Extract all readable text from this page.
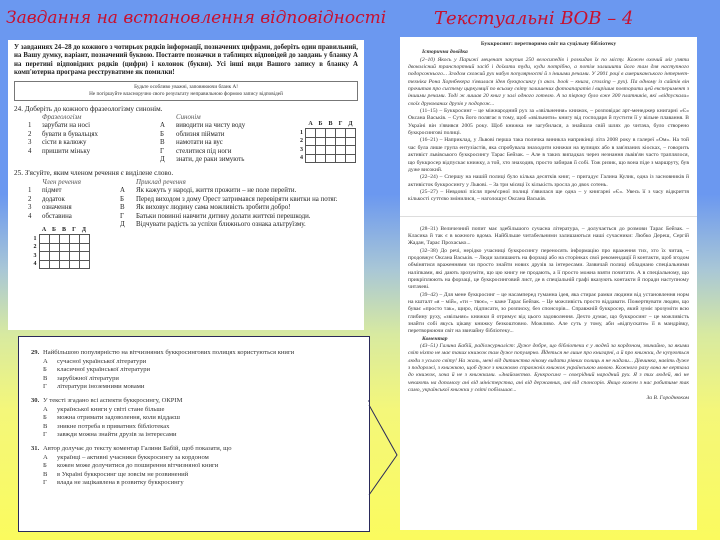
Завдання на встановлення відповідності	Текстуальні ВОВ – 4
У завданнях 24–28 до кожного з чотирьох рядків інформації, позначених цифрами, доберіть один правильний, на Вашу думку, варіант, позначений буквою. Поставте позначки в таблицях відповідей до завдань у бланку А на перетині відповідних рядків (цифри) і колонок (букви). Усі інші види Вашого запису в бланку А комп'ютерна програма реєструватиме як помилки!
Будьте особливо уважні, заповнюючи бланк А!
Не погіршуйте власноручно свого результату неправильною формою запису відповідей
24. Доберіть до кожного фразеологізму синонім.
Фразеологізм
1	зарубати на носі
2	бувати в бувальцях
3	сісти в калюжу
4	пришити міньку
Синонім
А	виводити на чисту воду
Б	облизня піймати
В	намотати на вус
Г	стелитися під ноги
Д	знати, де раки зимують
	А	Б	В	Г	Д
1					
2					
3					
4					
25. З'ясуйте, яким членом речення є виділене слово.
Член речення
1	підмет
2	додаток
3	означення
4	обставина
	А	Б	В	Г	Д
1					
2					
3					
4					
Приклад речення
А	Як кажуть у народі, життя прожити – не поле перейти.
Б	Перед виходом з дому Орест затримався перевіряти квитки на потяг.
В	Як виховує людину сама можливість зробити добро!
Г	Батьки повинні навчити дитину долати життєві перешкоди.
Д	Відчувати радість за успіхи ближнього ознака альтруїзму.
29. Найбільшою популярністю на вітчизняних буккросингових полицях користуються книги
А	сучасної української літератури
Б	класичної української літератури
В	зарубіжної літератури
Г	літератури іноземними мовами
30. У тексті згадано всі аспекти буккросингу, ОКРІМ
А	української книги у світі стане більше
Б	можна отримати задоволення, коли віддаєш
В	зникне потреба в приватних бібліотеках
Г	завжди можна знайти друзів за інтересами
31. Автор долучає до тексту коментар Галини Бабій, щоб показати, що
А	українці – активні учасники буккросингу за кордоном
Б	кожен може долучитися до поширення вітчизняної книги
В	в Україні буккросинг ще зовсім не розвинений
Г	влада не зацікавлена в розвитку буккросингу
Буккросинг: перетворимо світ на суцільну бібліотеку
Історична довідка

(2–10) Якось у Парижі меценат закупив 250 велосипедів і розкидав їх по місту. Кожен охочий міг узяти двоколісний транспортний засіб і доїхати туди, куди потрібно, а потім залишити його там для наступного подорожнього... Згодом схожий рух набув популярності й з іншими речами. У 2001 році в американського інтернет-техніка Рона Хорнбекера з'явилася ідея буккросингу (з англ. book – книга, crossing – рух). Па одному із сайтів він прочитав про систему циркуляції по всьому світу залишених фотоапаратів і вирішив повторити цей експеримент з іншими речами. Тоді ж лишав 20 книг у залі одного готелю. А за півроку було вже 300 платників, які «відпускали» своїх друкованих друзів у подорож...

(11–15) – Буккросинг – це міжнародний рух за «звільнення» книжок, – розповідає арт-менеджер книгарні «Є» Оксана Васьків. – Суть його полягає в тому, щоб «звільнити» книгу від господаря й пустити її у вільне плавання. В Україні він з'явився 2005 року. Щоб книжка не загубилася, а знайшла свій шлях до читача, було створено буккросингові полиці.

(16–21) – Наприклад, у Львові перша така поличка виникла наприкінці літа 2008 року в галереї «Ом». На той час була лише група ентузіастів, яка спробувала знаходити книжки на вулицях або в зав'язаних кіосках, – говорить активіст львівського буккросингу Тарас Бейзак. – Але в таких випадках через незнання львів'ян часто траплялося, що буккросер відпускає книжку, а той, хто знаходив, просто забирав її собі. Тож ризик, що вона піде з маршруту, був дуже високий.

(22–24) – Спершу на нашій полиці було кілька десятків книг, – пригадує Галина Кулик, одна із засновників й активісток буккросингу у Львові. – За три місяці їх кількість зросла до двох сотень.

(25–27) – Невдовзі після прем'єрної полиці з'явилася ще одна – у книгарні «Є». Увесь її з часу відкриття кількості суттєво змінилися, – наголошує Оксана Васьків.

(28–31) Величезний попит має здебільшого сучасна література, – долучається до розмови Тарас Бейзак. – Класика й так є в кожного вдома. Найбільше читабельними залишаються наші сучасники: Любко Дереш, Сергій Жадан, Тарас Прохасько...

(32–38) До речі, нерідко учасниці буккросингу переносять інформацію про враження тих, хто їх читав, – продовжує Оксана Васьків. – Люди залишають на форзаці або на сторінках свої рекомендації й контакти, щоб згодом обмінятися враженнями чи просто знайти нових друзів за інтересами. Зазвичай полиці обладнано спеціальними наліпками, які дають зрозуміти, що цю книгу не продають, а її просто можна взяти почитати. А в спеціальному, що прикріплюють на форзаці, це буккросинговий лист, де в спеціальній графі вказують контакти й поради наступному читачеві.

(39–42) – Для мене буккросинг – це насамперед гуманна ідея, яка стирає рамки людини від установлення норм на кшталт «я – мій», «ти – твоє», – каже Тарас Бейзак. – Це можливість просто віддавати. Пожертвувати людям, що буває «просто так», щиро, підписати, зо розписку, без спонсорів... Справжній буккросер, який зуміє зрозуміти всю глибину руху, «звільняє» книжки й отримує від цього задоволення. Дехто думає, що буккросинг – це можливість знайти собі якусь цікаву книжку безкоштовно. Можливо. Але суть у тому, аби «відпускати» її в мандрівку, перетворюючи світ на звичайну бібліотеку...

Коментар

(43–51) Галина Бабій, радіожурналіст: Дуже добре, що бібліотеки є у людей за кордоном, звичайно, за якими світ ніхто не має таких книжок там дуже популярно. Йдеться не лише про книгарні, а й про книжки, де купуються люди з усього світу! На жаль, мені від дитинства нікому видати рівних полиць я не надали... Дівчинка, навіть дуже з подорожі, з книжкою, щоб дуже з книжкою справжніх книжок українською мовою. Кожного разу вона не вертала до книжок, хоча й не з книжками. «Знайомство. Буккросинг – своєрідний народний рух. Я з тих людей, які не чекають на допомогу ані від міністерства, ані від державних, ані від спонсорів. Якщо кожен з нас робитиме так само, української книжки у світі побільшає...

За В. Городнюком
